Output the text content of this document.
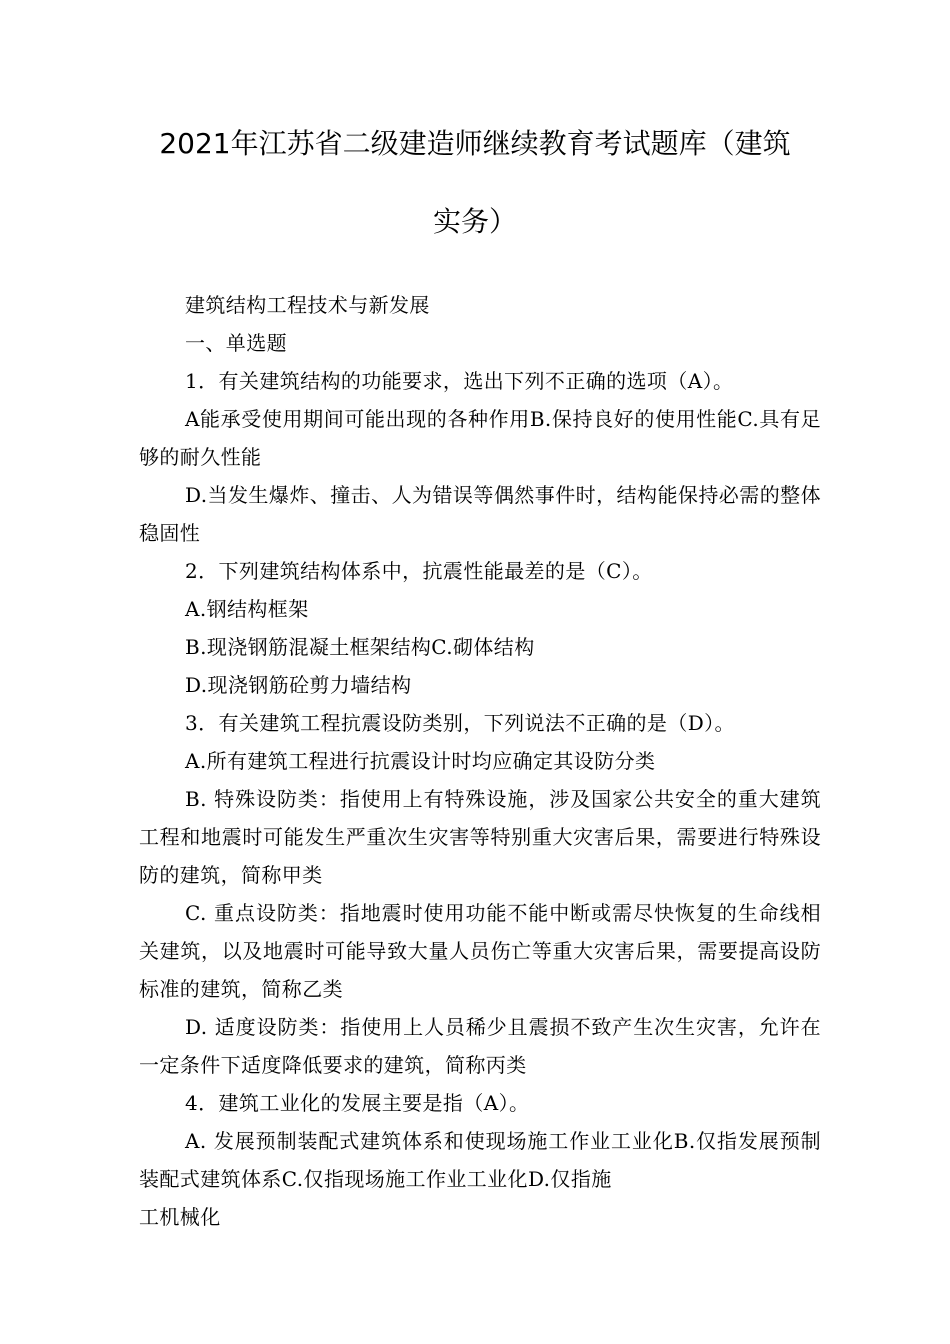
2021年江苏省二级建造师继续教育考试题库（建筑
实务）

建筑结构工程技术与新发展

一、单选题

1．有关建筑结构的功能要求，选出下列不正确的选项（A）。

A能承受使用期间可能出现的各种作用B.保持良好的使用性能C.具有足够的耐久性能

D.当发生爆炸、撞击、人为错误等偶然事件时，结构能保持必需的整体稳固性

2．下列建筑结构体系中，抗震性能最差的是（C）。

A.钢结构框架

B.现浇钢筋混凝土框架结构C.砌体结构

D.现浇钢筋砼剪力墙结构

3．有关建筑工程抗震设防类别，下列说法不正确的是（D）。

A.所有建筑工程进行抗震设计时均应确定其设防分类

B. 特殊设防类：指使用上有特殊设施，涉及国家公共安全的重大建筑工程和地震时可能发生严重次生灾害等特别重大灾害后果，需要进行特殊设防的建筑，简称甲类

C. 重点设防类：指地震时使用功能不能中断或需尽快恢复的生命线相关建筑，以及地震时可能导致大量人员伤亡等重大灾害后果，需要提高设防标准的建筑，简称乙类

D. 适度设防类：指使用上人员稀少且震损不致产生次生灾害，允许在一定条件下适度降低要求的建筑，简称丙类

4．建筑工业化的发展主要是指（A）。

A. 发展预制装配式建筑体系和使现场施工作业工业化B.仅指发展预制装配式建筑体系C.仅指现场施工作业工业化D.仅指施

工机械化
